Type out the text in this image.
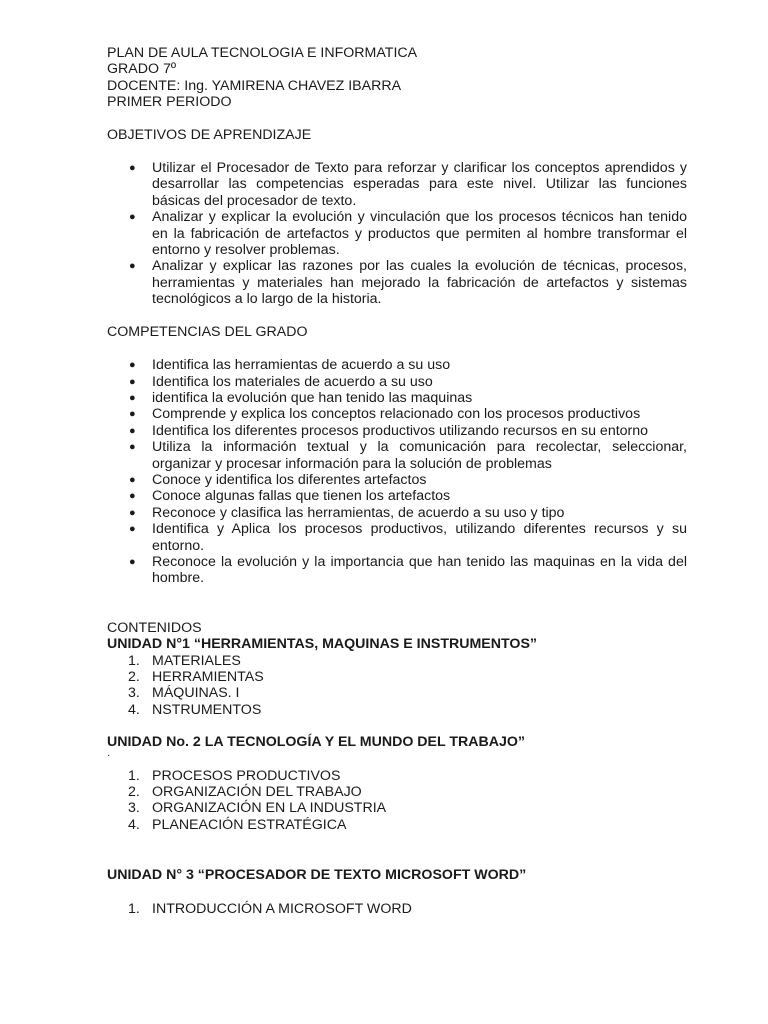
PLAN DE AULA TECNOLOGIA E INFORMATICA

GRADO 7º

DOCENTE: Ing. YAMIRENA CHAVEZ IBARRA

PRIMER PERIODO

OBJETIVOS DE APRENDIZAJE

● Utilizar el Procesador de Texto para reforzar y clarificar los conceptos aprendidos y desarrollar las competencias esperadas para este nivel. Utilizar las funciones básicas del procesador de texto.
● Analizar y explicar la evolución y vinculación que los procesos técnicos han tenido en la fabricación de artefactos y productos que permiten al hombre transformar el entorno y resolver problemas.
● Analizar y explicar las razones por las cuales la evolución de técnicas, procesos, herramientas y materiales han mejorado la fabricación de artefactos y sistemas tecnológicos a lo largo de la historia.

COMPETENCIAS DEL GRADO

● Identifica las herramientas de acuerdo a su uso
● Identifica los materiales de acuerdo a su uso
● identifica la evolución que han tenido las maquinas
● Comprende y explica los conceptos relacionado con los procesos productivos
● Identifica los diferentes procesos productivos utilizando recursos en su entorno
● Utiliza la información textual y la comunicación para recolectar, seleccionar, organizar y procesar información para la solución de problemas
● Conoce y identifica los diferentes artefactos
● Conoce algunas fallas que tienen los artefactos
● Reconoce y clasifica las herramientas, de acuerdo a su uso y tipo
● Identifica y Aplica los procesos productivos, utilizando diferentes recursos y su entorno.
● Reconoce la evolución y la importancia que han tenido las maquinas en la vida del hombre.

CONTENIDOS

UNIDAD N°1 “HERRAMIENTAS, MAQUINAS E INSTRUMENTOS”

1. MATERIALES
2. HERRAMIENTAS
3. MÁQUINAS. I
4. NSTRUMENTOS

UNIDAD No. 2 LA TECNOLOGÍA Y EL MUNDO DEL TRABAJO”

·

1. PROCESOS PRODUCTIVOS
2. ORGANIZACIÓN DEL TRABAJO
3. ORGANIZACIÓN EN LA INDUSTRIA
4. PLANEACIÓN ESTRATÉGICA

UNIDAD N° 3 “PROCESADOR DE TEXTO MICROSOFT WORD”

1. INTRODUCCIÓN A MICROSOFT WORD
